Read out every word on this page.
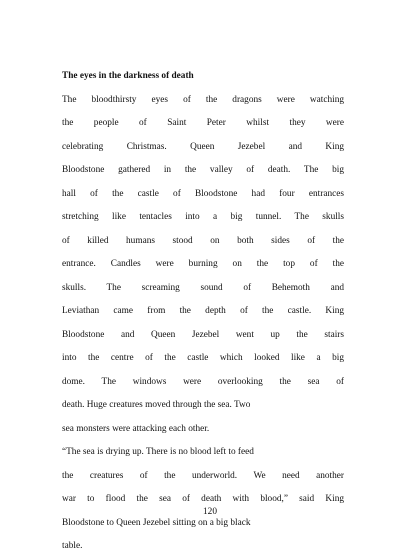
The eyes in the darkness of death

The bloodthirsty eyes of the dragons were watching

the people of Saint Peter whilst they were

celebrating Christmas. Queen Jezebel and King

Bloodstone gathered in the valley of death. The big

hall of the castle of Bloodstone had four entrances

stretching like tentacles into a big tunnel. The skulls

of killed humans stood on both sides of the

entrance. Candles were burning on the top of the

skulls. The screaming sound of Behemoth and

Leviathan came from the depth of the castle. King

Bloodstone and Queen Jezebel went up the stairs

into the centre of the castle which looked like a big

dome. The windows were overlooking the sea of

death. Huge creatures moved through the sea. Two

sea monsters were attacking each other.

“The sea is drying up. There is no blood left to feed

the creatures of the underworld. We need another

war to flood the sea of death with blood,” said King

Bloodstone to Queen Jezebel sitting on a big black

table.

120
